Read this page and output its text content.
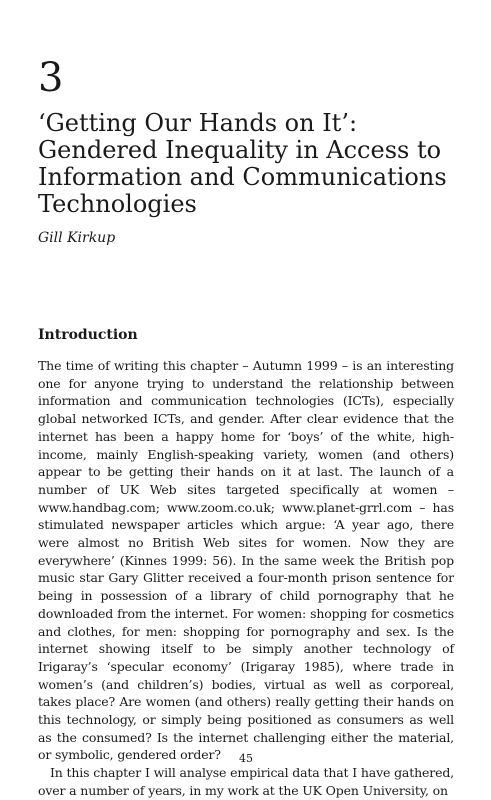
3
‘Getting Our Hands on It’: Gendered Inequality in Access to Information and Communications Technologies
Gill Kirkup
Introduction

The time of writing this chapter – Autumn 1999 – is an interesting one for anyone trying to understand the relationship between information and communication technologies (ICTs), especially global networked ICTs, and gender. After clear evidence that the internet has been a happy home for ‘boys’ of the white, high-income, mainly English-speaking variety, women (and others) appear to be getting their hands on it at last. The launch of a number of UK Web sites targeted specifically at women – www.handbag.com; www.zoom.co.uk; www.planet-grrl.com – has stimulated newspaper articles which argue: ‘A year ago, there were almost no British Web sites for women. Now they are everywhere’ (Kinnes 1999: 56). In the same week the British pop music star Gary Glitter received a four-month prison sentence for being in possession of a library of child pornography that he downloaded from the internet. For women: shopping for cosmetics and clothes, for men: shopping for pornography and sex. Is the internet showing itself to be simply another technology of Irigaray’s ‘specular economy’ (Irigaray 1985), where trade in women’s (and children’s) bodies, virtual as well as corporeal, takes place? Are women (and others) really getting their hands on this technology, or simply being positioned as consumers as well as the consumed? Is the internet challenging either the material, or symbolic, gendered order?

In this chapter I will analyse empirical data that I have gathered, over a number of years, in my work at the UK Open University, on

45
